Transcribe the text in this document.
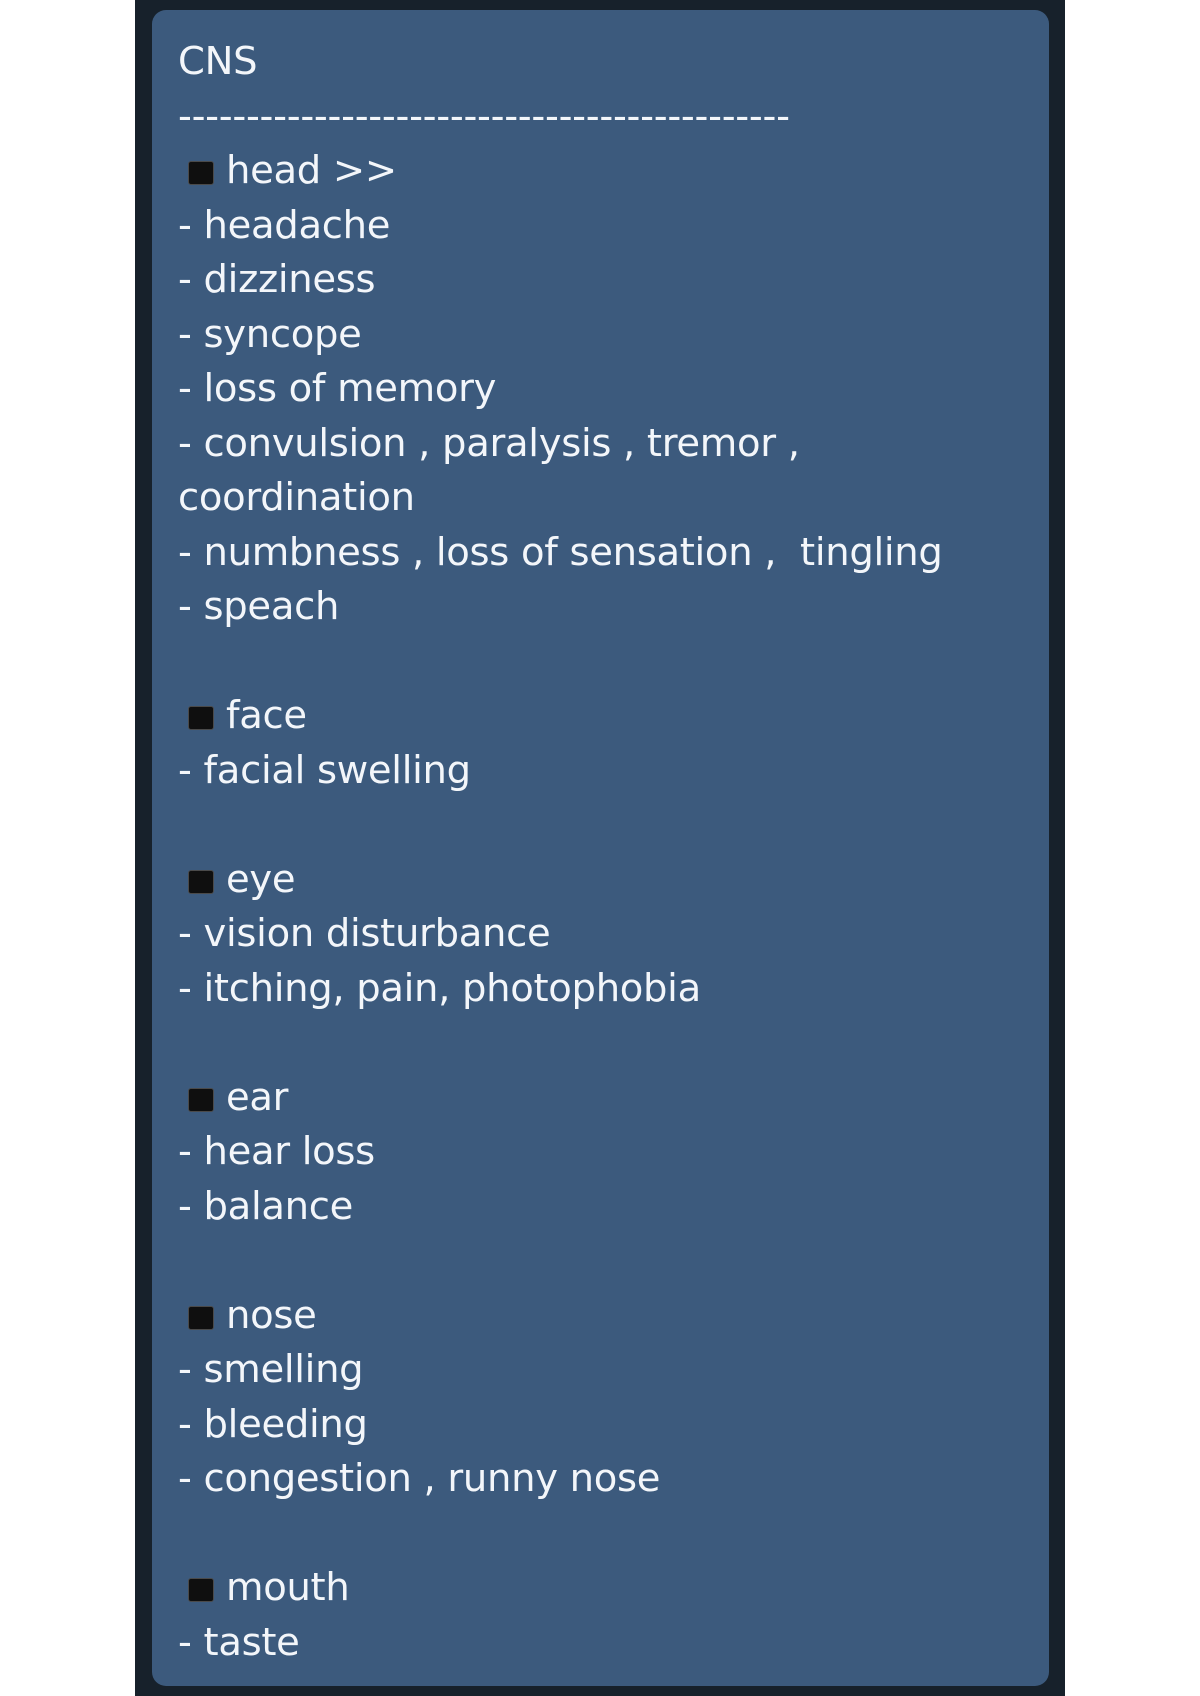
CNS
---------------------------------------------
head >>
- headache
- dizziness
- syncope
- loss of memory
- convulsion , paralysis , tremor ,
coordination
- numbness , loss of sensation ,  tingling
- speach
face
- facial swelling
eye
- vision disturbance
- itching, pain, photophobia
ear
- hear loss
- balance
nose
- smelling
- bleeding
- congestion , runny nose
mouth
- taste
